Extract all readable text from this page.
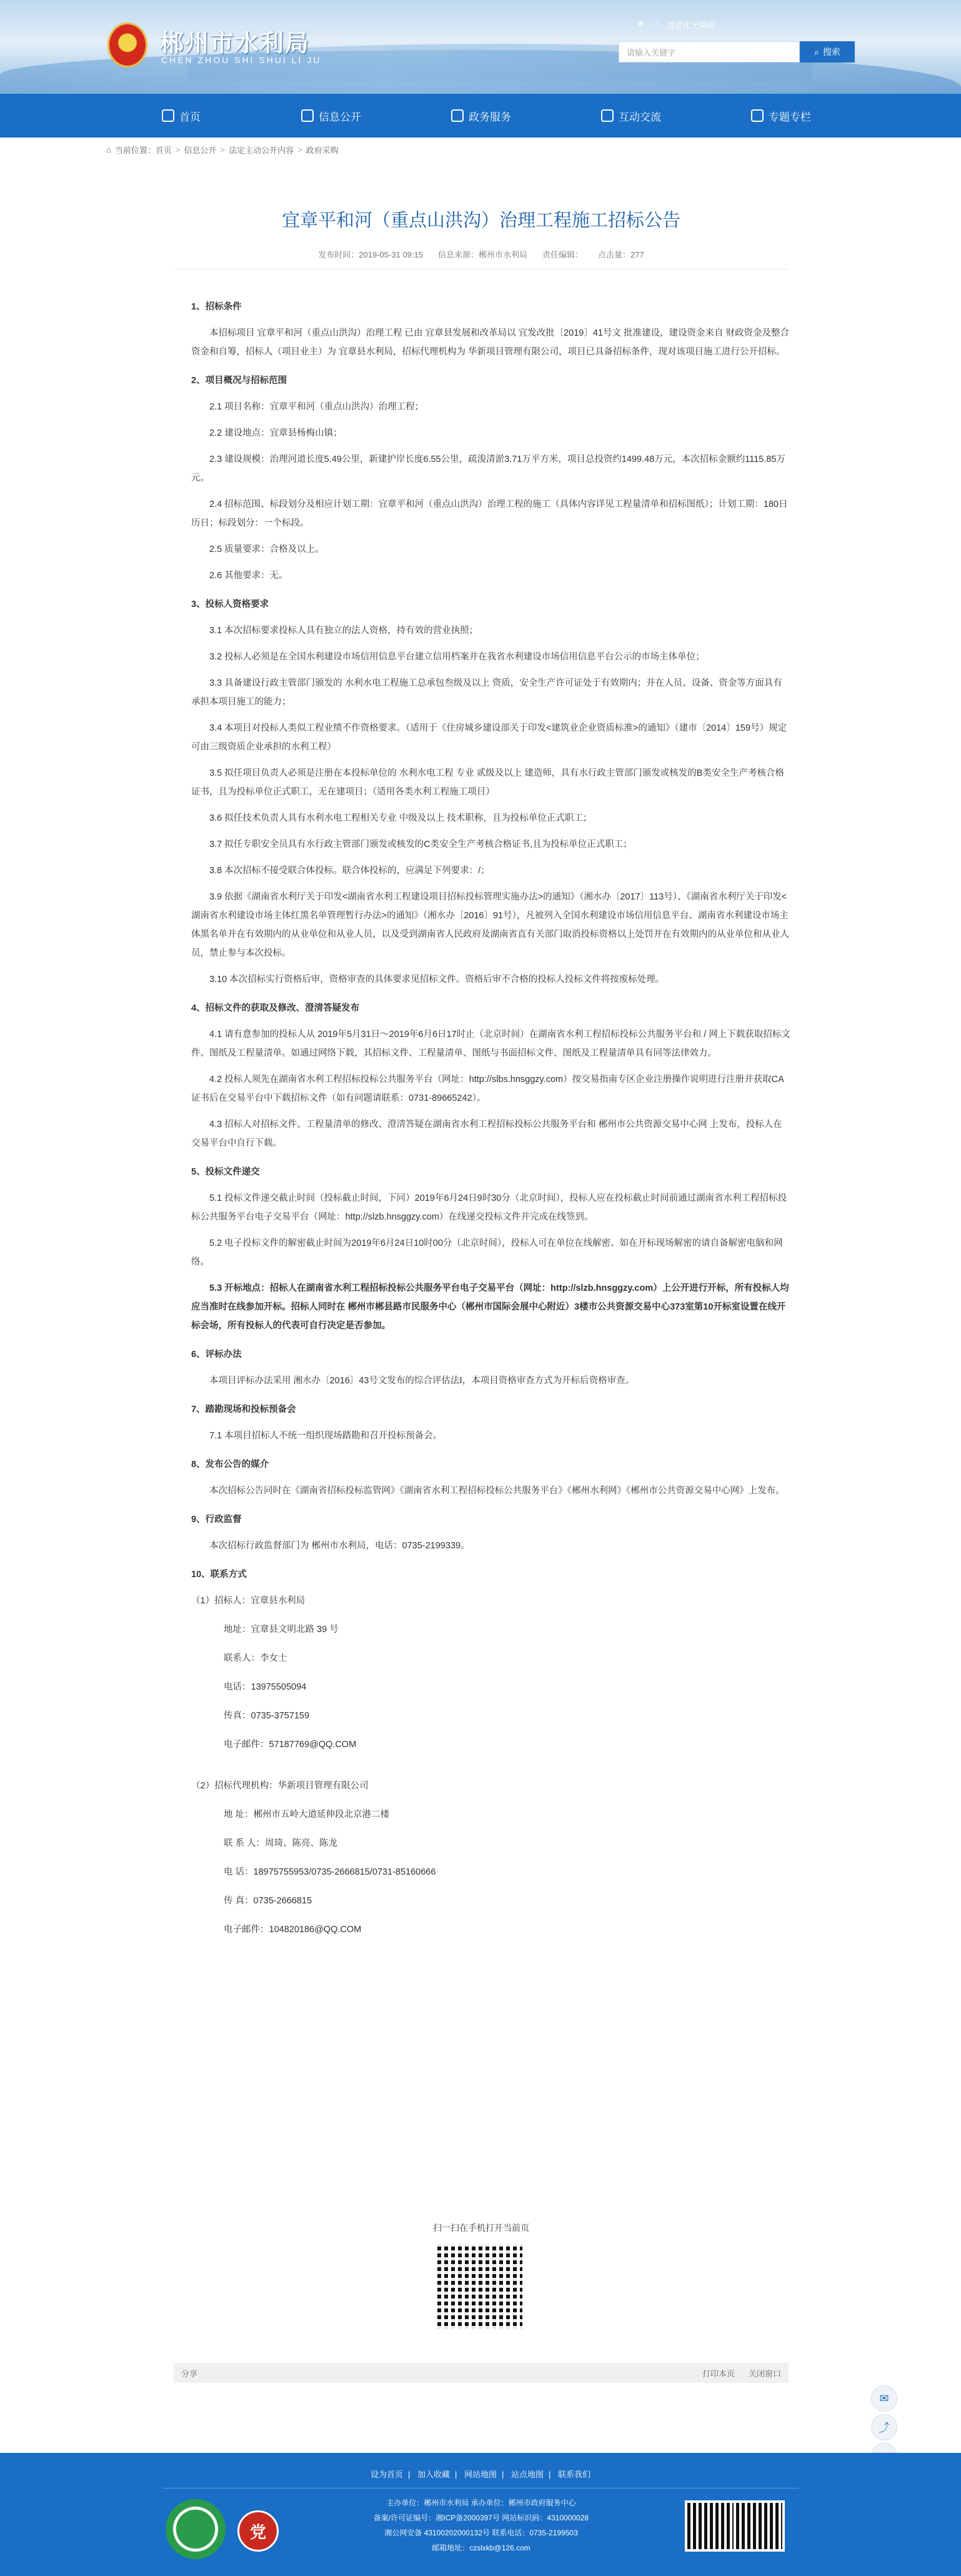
郴州市水利局
CHEN ZHOU SHI SHUI LI JU
⊕ □ 适老化无障碍
请输入关键字	⌕ 搜索
首页	信息公开	政务服务	互动交流	专题专栏
⌂ 当前位置：首页 > 信息公开 > 法定主动公开内容 > 政府采购
宜章平和河（重点山洪沟）治理工程施工招标公告
发布时间：2019-05-31 09:15 信息来源：郴州市水利局 责任编辑： 点击量：277

1、招标条件

本招标项目 宜章平和河（重点山洪沟）治理工程 已由 宜章县发展和改革局以 宜发改批〔2019〕41号文 批准建设，建设资金来自 财政资金及整合资金和自筹，招标人（项目业主）为 宜章县水利局，招标代理机构为 华新项目管理有限公司，项目已具备招标条件，现对该项目施工进行公开招标。

2、项目概况与招标范围

2.1 项目名称：宜章平和河（重点山洪沟）治理工程；

2.2 建设地点：宜章县杨梅山镇；

2.3 建设规模：治理河道长度5.49公里，新建护岸长度6.55公里，疏浚清淤3.71万平方米，项目总投资约1499.48万元，本次招标金额约1115.85万元。

2.4 招标范围、标段划分及相应计划工期：宜章平和河（重点山洪沟）治理工程的施工（具体内容详见工程量清单和招标图纸）；计划工期：180日历日；标段划分：一个标段。

2.5 质量要求：合格及以上。

2.6 其他要求：无。

3、投标人资格要求

3.1 本次招标要求投标人具有独立的法人资格，持有效的营业执照；

3.2 投标人必须是在全国水利建设市场信用信息平台建立信用档案并在我省水利建设市场信用信息平台公示的市场主体单位；

3.3 具备建设行政主管部门颁发的 水利水电工程施工总承包叁级及以上 资质，安全生产许可证处于有效期内；并在人员、设备、资金等方面具有承担本项目施工的能力；

3.4 本项目对投标人类似工程业绩不作资格要求。（适用于《住房城乡建设部关于印发<建筑业企业资质标准>的通知》（建市〔2014〕159号）规定可由三级资质企业承担的水利工程）

3.5 拟任项目负责人必须是注册在本投标单位的 水利水电工程 专业 贰级及以上 建造师，具有水行政主管部门颁发或核发的B类安全生产考核合格证书，且为投标单位正式职工，无在建项目；（适用各类水利工程施工项目）

3.6 拟任技术负责人具有水利水电工程相关专业 中级及以上 技术职称，且为投标单位正式职工；

3.7 拟任专职安全员具有水行政主管部门颁发或核发的C类安全生产考核合格证书,且为投标单位正式职工；

3.8 本次招标不接受联合体投标。联合体投标的，应满足下列要求：/；

3.9 依据《湖南省水利厅关于印发<湖南省水利工程建设项目招标投标管理实施办法>的通知》（湘水办〔2017〕113号）、《湖南省水利厅关于印发<湖南省水利建设市场主体红黑名单管理暂行办法>的通知》（湘水办〔2016〕91号），凡被列入全国水利建设市场信用信息平台、湖南省水利建设市场主体黑名单并在有效期内的从业单位和从业人员，以及受到湖南省人民政府及湖南省直有关部门取消投标资格以上处罚并在有效期内的从业单位和从业人员，禁止参与本次投标。

3.10 本次招标实行资格后审，资格审查的具体要求见招标文件。资格后审不合格的投标人投标文件将按废标处理。

4、招标文件的获取及修改、澄清答疑发布

4.1 请有意参加的投标人从 2019年5月31日～2019年6月6日17时止（北京时间）在湖南省水利工程招标投标公共服务平台和 / 网上下载获取招标文件、图纸及工程量清单。如通过网络下载，其招标文件、工程量清单、图纸与书面招标文件、图纸及工程量清单具有同等法律效力。

4.2 投标人须先在湖南省水利工程招标投标公共服务平台（网址：http://slbs.hnsggzy.com）按交易指南专区企业注册操作说明进行注册并获取CA证书后在交易平台中下载招标文件（如有问题请联系：0731-89665242）。

4.3 招标人对招标文件、工程量清单的修改、澄清答疑在湖南省水利工程招标投标公共服务平台和 郴州市公共资源交易中心网 上发布，投标人在交易平台中自行下载。

5、投标文件递交

5.1 投标文件递交截止时间（投标截止时间，下同）2019年6月24日9时30分（北京时间），投标人应在投标截止时间前通过湖南省水利工程招标投标公共服务平台电子交易平台（网址：http://slzb.hnsggzy.com）在线递交投标文件并完成在线签到。

5.2 电子投标文件的解密截止时间为2019年6月24日10时00分（北京时间），投标人可在单位在线解密。如在开标现场解密的请自备解密电脑和网络。

5.3 开标地点：招标人在湖南省水利工程招标投标公共服务平台电子交易平台（网址：http://slzb.hnsggzy.com）上公开进行开标，所有投标人均应当准时在线参加开标。招标人同时在 郴州市郴县路市民服务中心（郴州市国际会展中心附近）3楼市公共资源交易中心373室第10开标室设置在线开标会场，所有投标人的代表可自行决定是否参加。

6、评标办法

本项目评标办法采用 湘水办〔2016〕43号文发布的综合评估法Ⅰ，本项目资格审查方式为开标后资格审查。

7、踏勘现场和投标预备会

7.1 本项目招标人不统一组织现场踏勘和召开投标预备会。

8、发布公告的媒介

本次招标公告同时在《湖南省招标投标监管网》《湖南省水利工程招标投标公共服务平台》《郴州水利网》《郴州市公共资源交易中心网》上发布。

9、行政监督

本次招标行政监督部门为 郴州市水利局，电话：0735-2199339。

10、联系方式

（1）招标人：宜章县水利局

地址：宜章县文明北路 39 号

联系人：李女士

电话：13975505094

传真：0735-3757159

电子邮件：57187769@QQ.COM

（2）招标代理机构：华新项目管理有限公司

地 址：郴州市五岭大道延伸段北京港二楼

联 系 人：周琦、陈亮、陈龙

电 话：18975755953/0735-2666815/0731-85160666

传 真：0735-2666815

电子邮件：104820186@QQ.COM

扫一扫在手机打开当前页
分享	打印本页 关闭窗口
✉
⤴
设为首页 | 加入收藏 | 网站地图 | 站点地图 | 联系我们
党
主办单位：郴州市水利局 承办单位：郴州市政府服务中心
备案/许可证编号：湘ICP备2000397号 网站标识码：4310000028
湘公网安备 43100202000132号 联系电话：0735-2199503
邮箱地址：czslxkb@126.com
